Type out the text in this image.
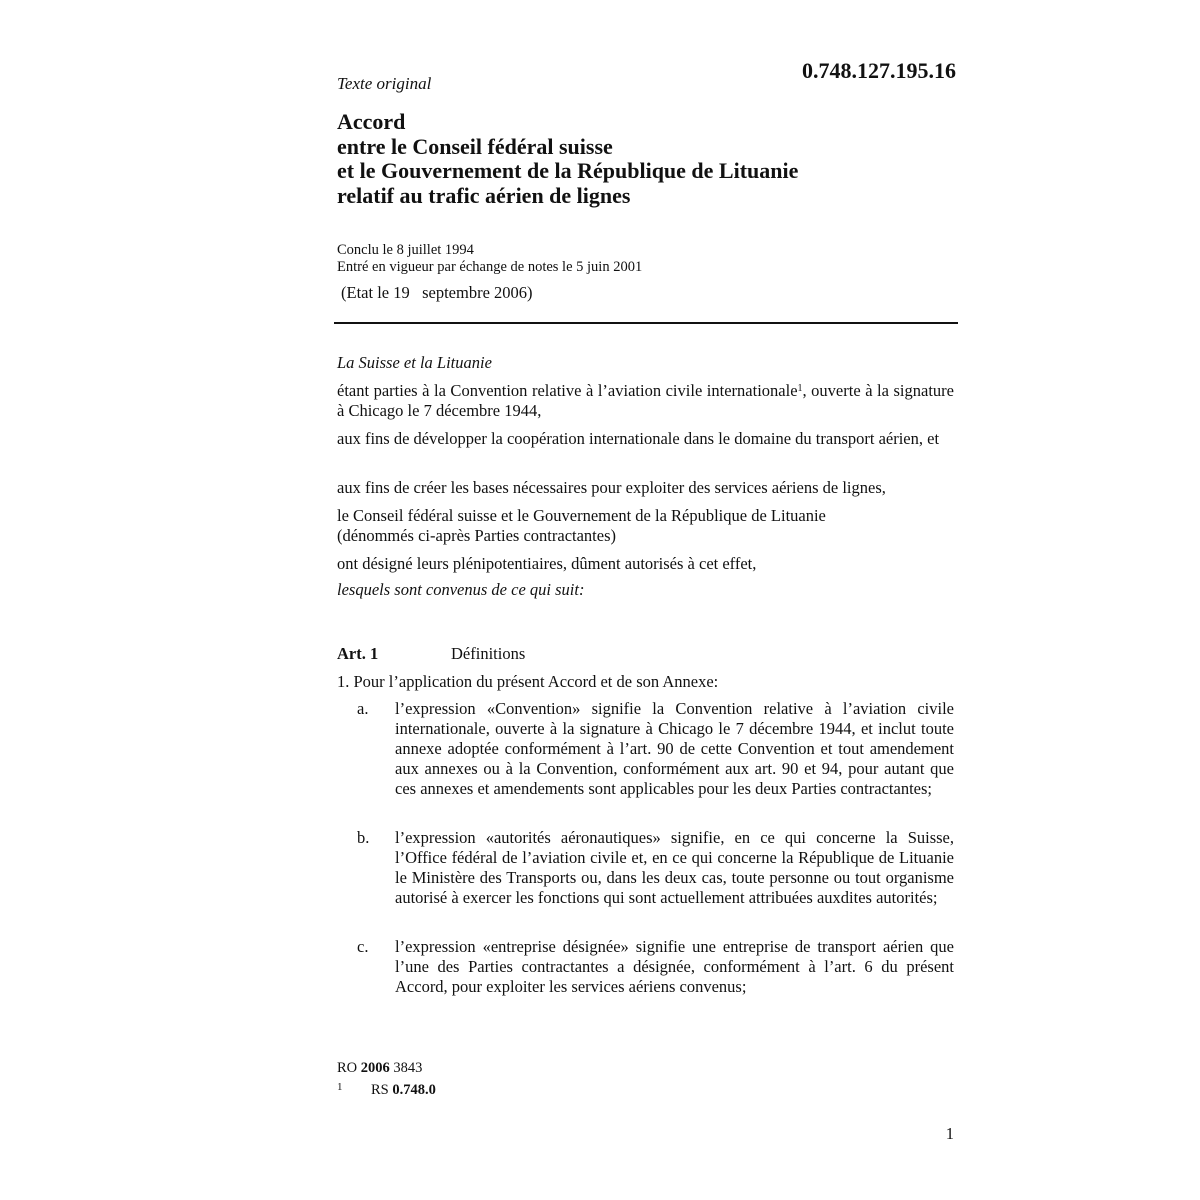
0.748.127.195.16
Texte original
Accord
entre le Conseil fédéral suisse
et le Gouvernement de la République de Lituanie
relatif au trafic aérien de lignes
Conclu le 8 juillet 1994
Entré en vigueur par échange de notes le 5 juin 2001
(Etat le 19   septembre 2006)
La Suisse et la Lituanie
étant parties à la Convention relative à l’aviation civile internationale$^1$, ouverte à la signature à Chicago le 7 décembre 1944,
aux fins de développer la coopération internationale dans le domaine du transport aérien, et
aux fins de créer les bases nécessaires pour exploiter des services aériens de lignes,
le Conseil fédéral suisse et le Gouvernement de la République de Lituanie
(dénommés ci-après Parties contractantes)
ont désigné leurs plénipotentiaires, dûment autorisés à cet effet,
lesquels sont convenus de ce qui suit:
Art. 1	Définitions
1. Pour l’application du présent Accord et de son Annexe:
a. l’expression «Convention» signifie la Convention relative à l’aviation civile internationale, ouverte à la signature à Chicago le 7 décembre 1944, et inclut toute annexe adoptée conformément à l’art. 90 de cette Convention et tout amendement aux annexes ou à la Convention, conformément aux art. 90 et 94, pour autant que ces annexes et amendements sont applicables pour les deux Parties contractantes;
b. l’expression «autorités aéronautiques» signifie, en ce qui concerne la Suisse, l’Office fédéral de l’aviation civile et, en ce qui concerne la République de Lituanie le Ministère des Transports ou, dans les deux cas, toute personne ou tout organisme autorisé à exercer les fonctions qui sont actuellement attribuées auxdites autorités;
c. l’expression «entreprise désignée» signifie une entreprise de transport aérien que l’une des Parties contractantes a désignée, conformément à l’art. 6 du présent Accord, pour exploiter les services aériens convenus;
RO 2006 3843
1 RS 0.748.0
1
